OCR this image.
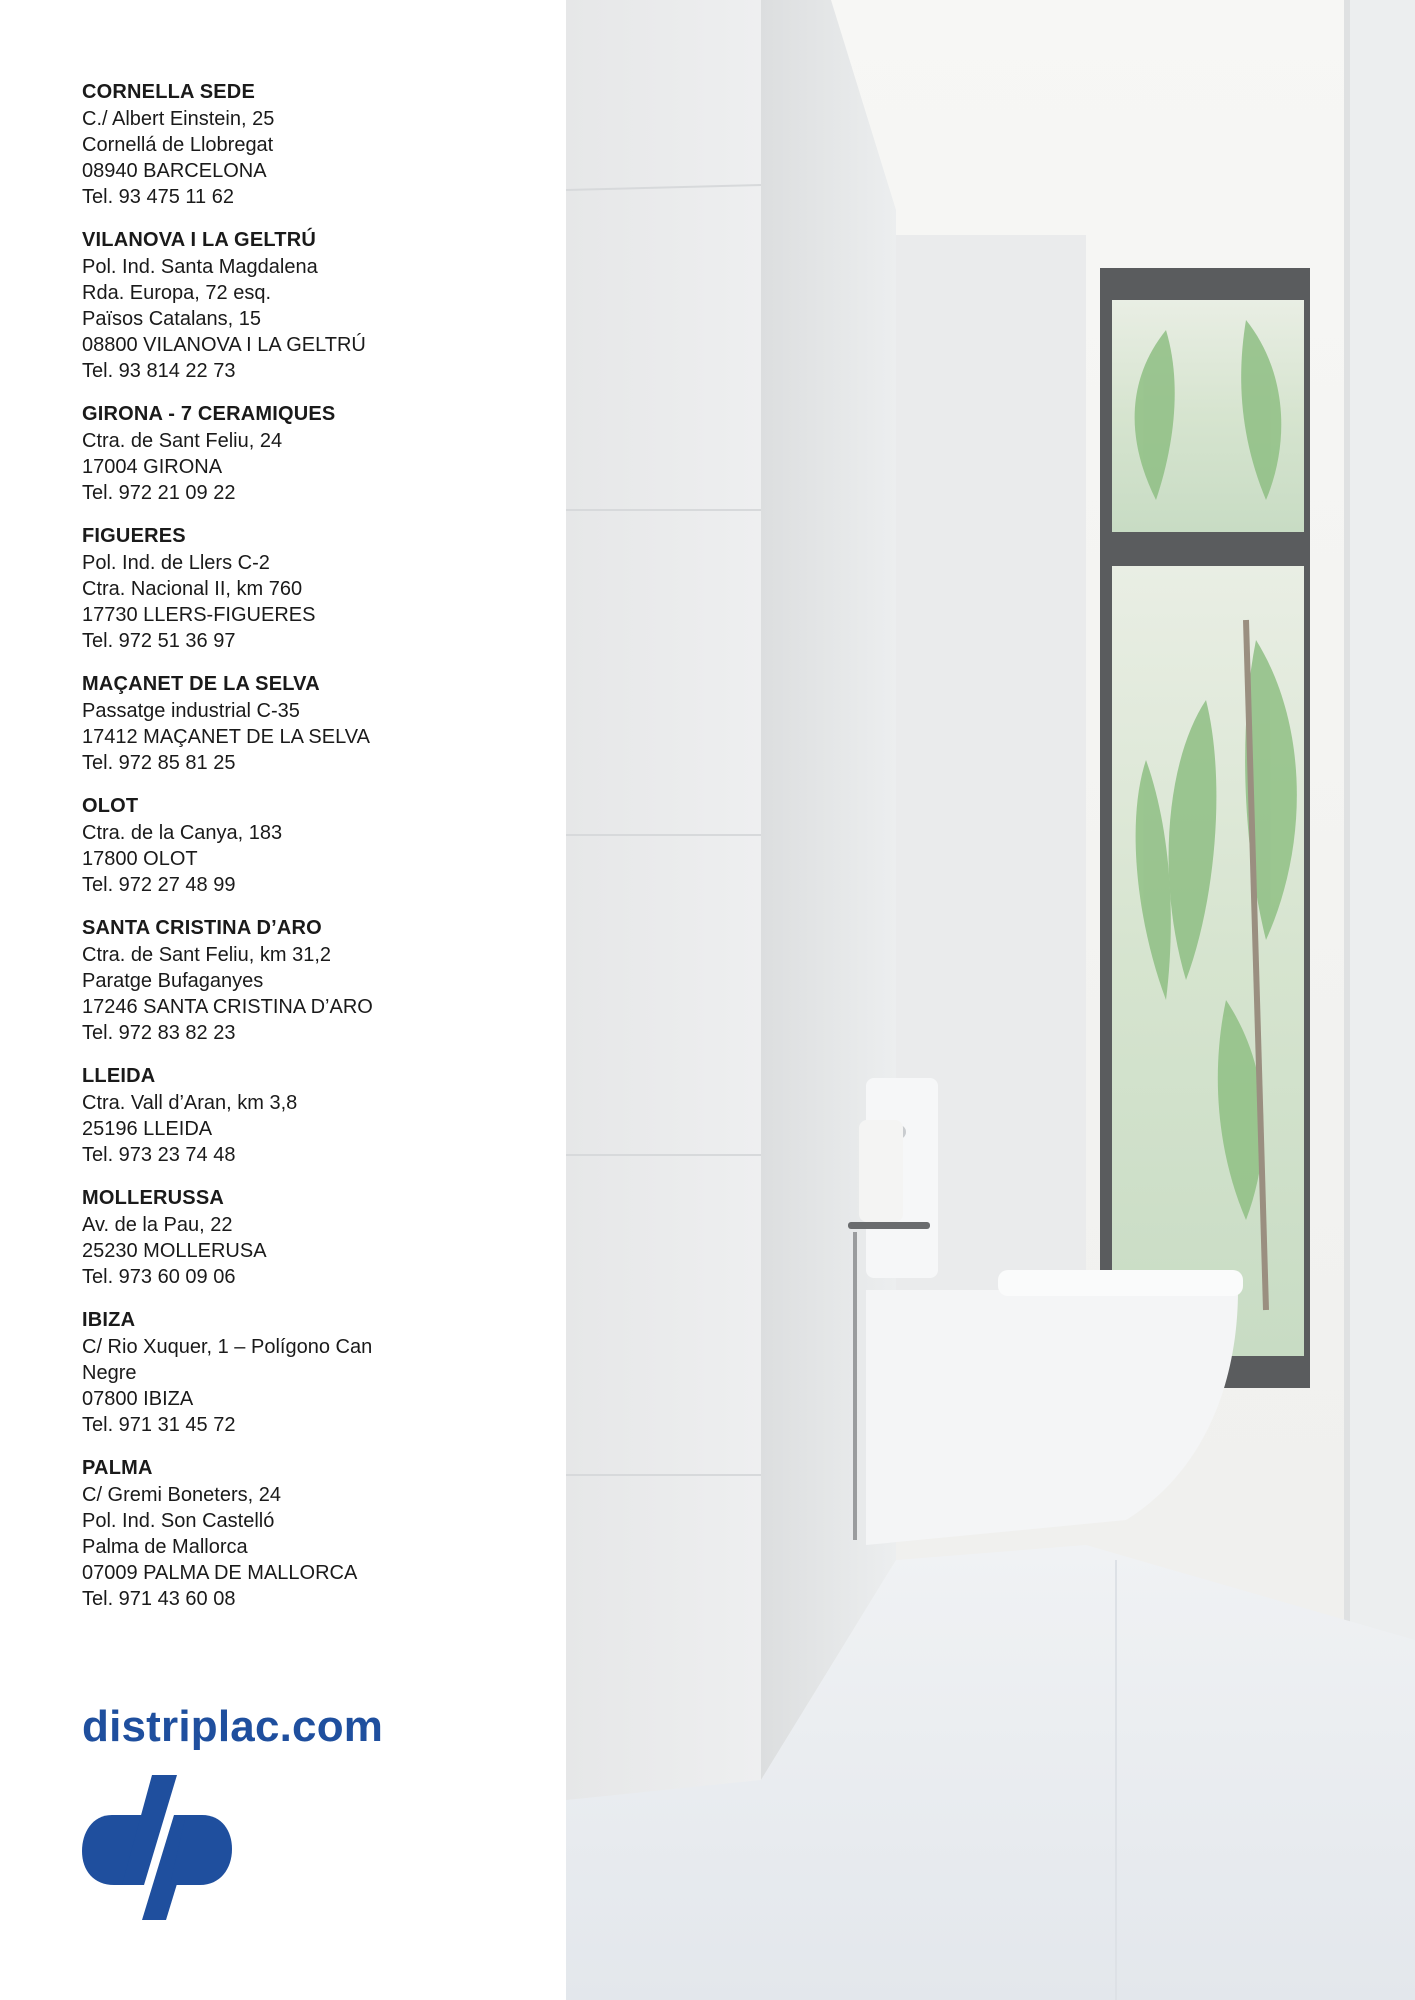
CORNELLA SEDE
C./ Albert Einstein, 25
Cornellá de Llobregat
08940 BARCELONA
Tel. 93 475 11 62
VILANOVA I LA GELTRÚ
Pol. Ind. Santa Magdalena
Rda. Europa, 72 esq.
Països Catalans, 15
08800 VILANOVA I LA GELTRÚ
Tel. 93 814 22 73
GIRONA - 7 CERAMIQUES
Ctra. de Sant Feliu, 24
17004 GIRONA
Tel. 972 21 09 22
FIGUERES
Pol. Ind. de Llers C-2
Ctra. Nacional II, km 760
17730 LLERS-FIGUERES
Tel. 972 51 36 97
MAÇANET DE LA SELVA
Passatge industrial C-35
17412 MAÇANET DE LA SELVA
Tel. 972 85 81 25
OLOT
Ctra. de la Canya, 183
17800 OLOT
Tel. 972 27 48 99
SANTA CRISTINA D’ARO
Ctra. de Sant Feliu, km 31,2
Paratge Bufaganyes
17246 SANTA CRISTINA D’ARO
Tel. 972 83 82 23
LLEIDA
Ctra. Vall d’Aran, km 3,8
25196 LLEIDA
Tel. 973 23 74 48
MOLLERUSSA
Av. de la Pau, 22
25230 MOLLERUSA
Tel. 973 60 09 06
IBIZA
C/ Rio Xuquer, 1 – Polígono Can
Negre
07800 IBIZA
Tel. 971 31 45 72
PALMA
C/ Gremi Boneters, 24
Pol. Ind. Son Castelló
Palma de Mallorca
07009 PALMA DE MALLORCA
Tel. 971 43 60 08
distriplac.com
